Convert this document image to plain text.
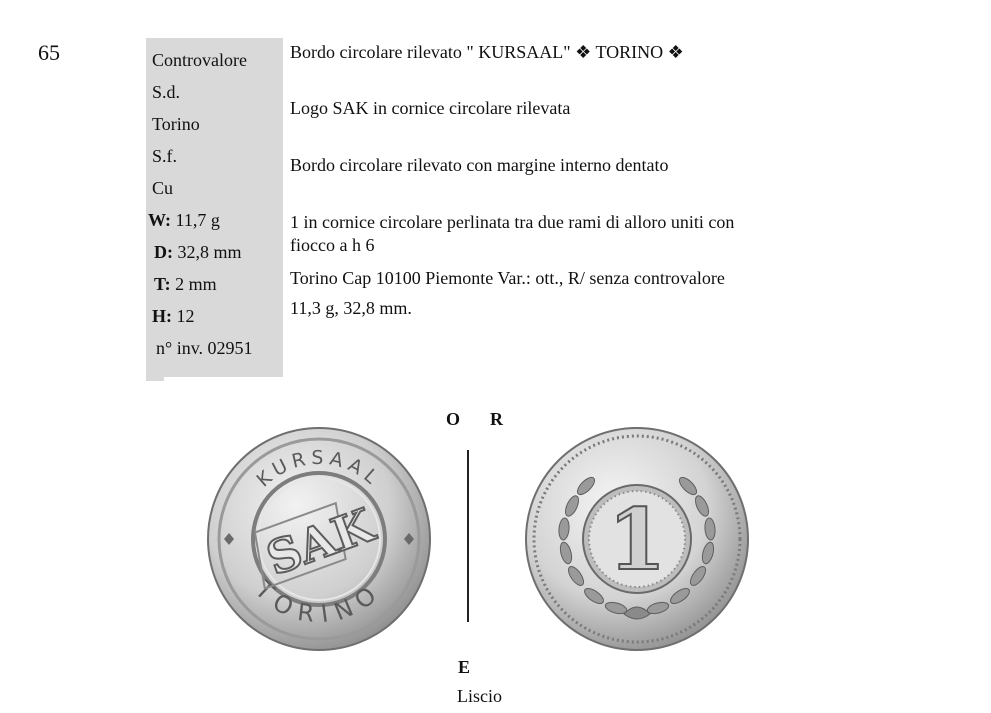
65	Controvalore
S.d.
Torino
S.f.
Cu
W: 11,7 g
D: 32,8 mm
T: 2 mm
H: 12
n° inv. 02951
Bordo circolare rilevato " KURSAAL" ❖ TORINO ❖
Logo SAK in cornice circolare rilevata
Bordo circolare rilevato con margine interno dentato
1 in cornice circolare perlinata tra due rami di alloro uniti con
fiocco a h 6
Torino Cap 10100 Piemonte Var.: ott., R/ senza controvalore
11,3 g, 32,8 mm.
O R
E
Liscio
KURSAAL
TORINO
SAK	1
